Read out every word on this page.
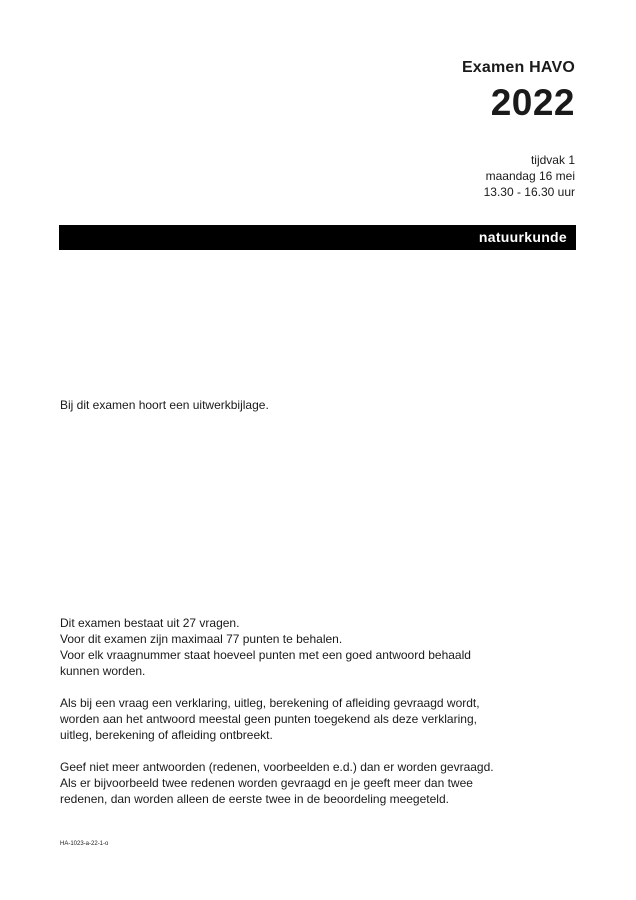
Examen HAVO
2022
tijdvak 1
maandag 16 mei
13.30 - 16.30 uur
natuurkunde
Bij dit examen hoort een uitwerkbijlage.

Dit examen bestaat uit 27 vragen.
Voor dit examen zijn maximaal 77 punten te behalen.
Voor elk vraagnummer staat hoeveel punten met een goed antwoord behaald
kunnen worden.

Als bij een vraag een verklaring, uitleg, berekening of afleiding gevraagd wordt,
worden aan het antwoord meestal geen punten toegekend als deze verklaring,
uitleg, berekening of afleiding ontbreekt.

Geef niet meer antwoorden (redenen, voorbeelden e.d.) dan er worden gevraagd.
Als er bijvoorbeeld twee redenen worden gevraagd en je geeft meer dan twee
redenen, dan worden alleen de eerste twee in de beoordeling meegeteld.

HA-1023-a-22-1-o
